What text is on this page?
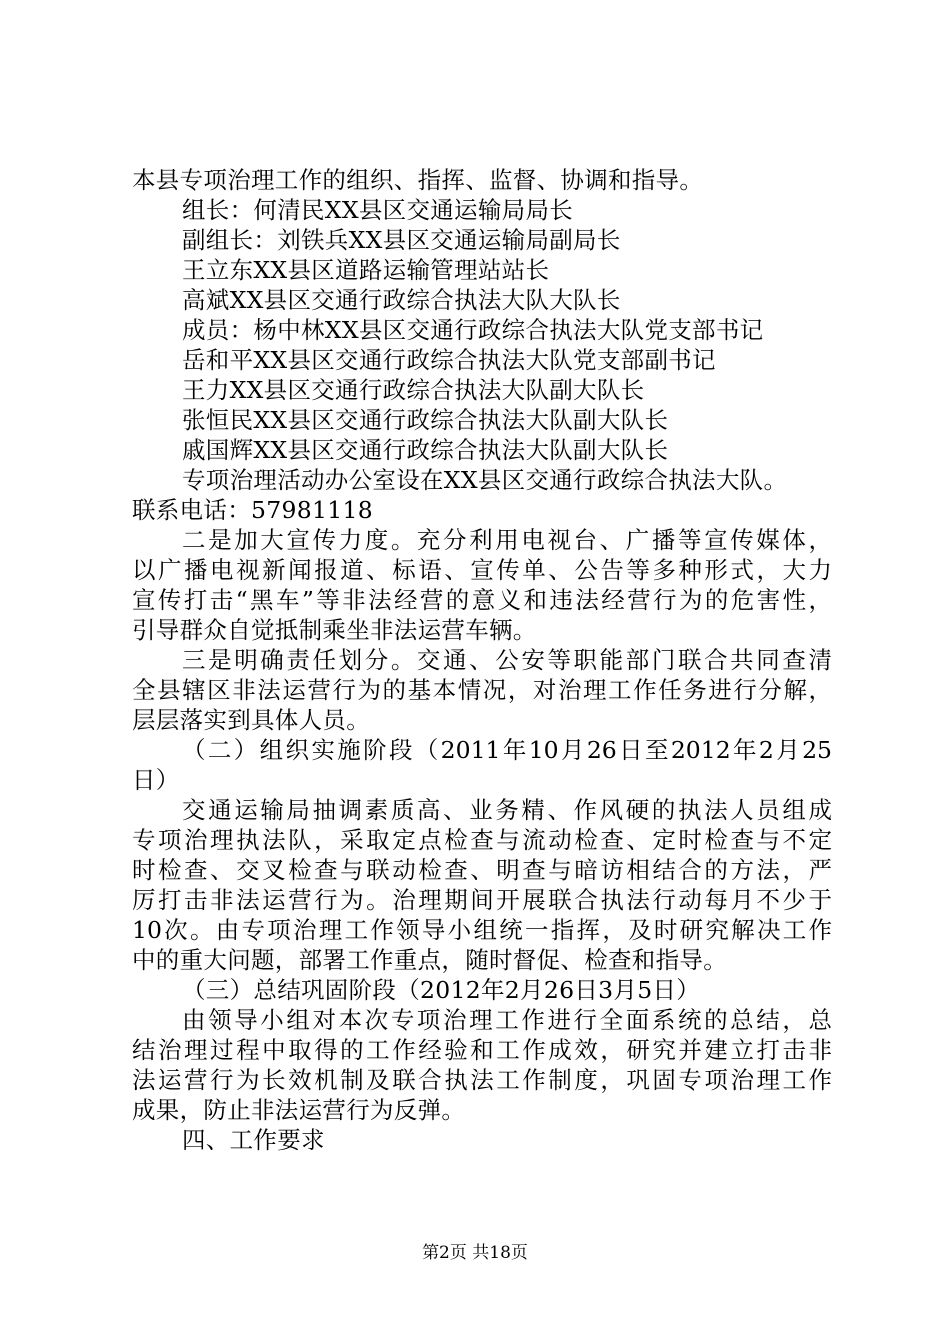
本县专项治理工作的组织、指挥、监督、协调和指导。
组长：何清民XX县区交通运输局局长
副组长：刘铁兵XX县区交通运输局副局长
王立东XX县区道路运输管理站站长
高斌XX县区交通行政综合执法大队大队长
成员：杨中林XX县区交通行政综合执法大队党支部书记
岳和平XX县区交通行政综合执法大队党支部副书记
王力XX县区交通行政综合执法大队副大队长
张恒民XX县区交通行政综合执法大队副大队长
戚国辉XX县区交通行政综合执法大队副大队长
专项治理活动办公室设在XX县区交通行政综合执法大队。
联系电话：57981118
二是加大宣传力度。充分利用电视台、广播等宣传媒体，
以广播电视新闻报道、标语、宣传单、公告等多种形式，大力
宣传打击“黑车”等非法经营的意义和违法经营行为的危害性，
引导群众自觉抵制乘坐非法运营车辆。
三是明确责任划分。交通、公安等职能部门联合共同查清
全县辖区非法运营行为的基本情况，对治理工作任务进行分解，
层层落实到具体人员。
（二）组织实施阶段（2011年10月26日至2012年2月25
日）
交通运输局抽调素质高、业务精、作风硬的执法人员组成
专项治理执法队，采取定点检查与流动检查、定时检查与不定
时检查、交叉检查与联动检查、明查与暗访相结合的方法，严
厉打击非法运营行为。治理期间开展联合执法行动每月不少于
10次。由专项治理工作领导小组统一指挥，及时研究解决工作
中的重大问题，部署工作重点，随时督促、检查和指导。
（三）总结巩固阶段（2012年2月26日3月5日）
由领导小组对本次专项治理工作进行全面系统的总结，总
结治理过程中取得的工作经验和工作成效，研究并建立打击非
法运营行为长效机制及联合执法工作制度，巩固专项治理工作
成果，防止非法运营行为反弹。
四、工作要求
第2页 共18页
